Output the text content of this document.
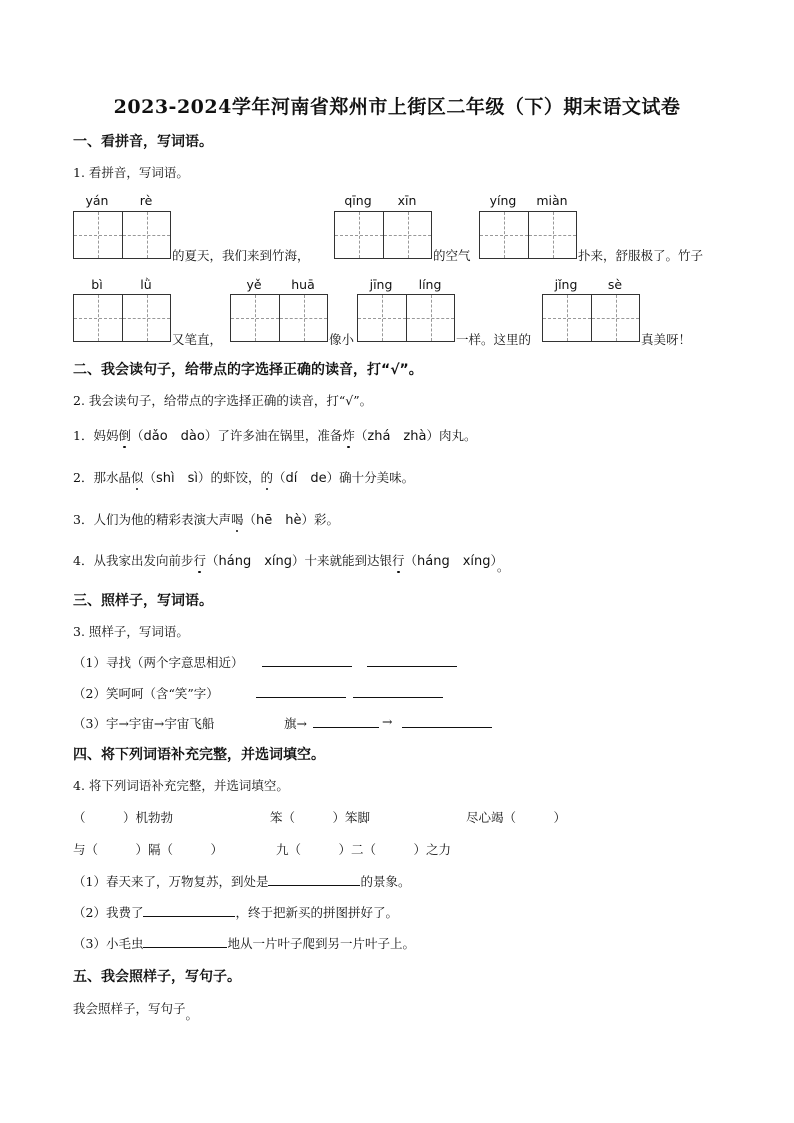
2023-2024学年河南省郑州市上街区二年级（下）期末语文试卷
一、看拼音，写词语。
1. 看拼音，写词语。
yán	rè	qīng	xīn	yíng	miàn
的夏天，我们来到竹海，	的空气	扑来，舒服极了。竹子
bì	lǜ	yě	huā	jīng	líng	jǐng	sè
又笔直，	像小	一样。这里的	真美呀！
二、我会读句子，给带点的字选择正确的读音，打“√”。
2. 我会读句子，给带点的字选择正确的读音，打“√”。
1．妈妈倒（dǎo　dào）了许多油在锅里，准备炸（zhá　zhà）肉丸。
2．那水晶似（shì　sì）的虾饺，的（dí　de）确十分美味。
3．人们为他的精彩表演大声喝（hē　hè）彩。
4．从我家出发向前步行（háng　xíng）十来就能到达银行（háng　xíng）。
三、照样子，写词语。
3. 照样子，写词语。
（1）寻找（两个字意思相近）
（2）笑呵呵（含“笑”字）
（3）宇→宇宙→宇宙飞船	旗→	→
四、将下列词语补充完整，并选词填空。
4. 将下列词语补充完整，并选词填空。
（　　　）机勃勃	笨（　　　）笨脚	尽心竭（　　　）
与（　　　）隔（　　　）	九（　　　）二（　　　）之力
（1）春天来了，万物复苏，到处是	的景象。
（2）我费了	，终于把新买的拼图拼好了。
（3）小毛虫	地从一片叶子爬到另一片叶子上。
五、我会照样子，写句子。
我会照样子，写句子。
